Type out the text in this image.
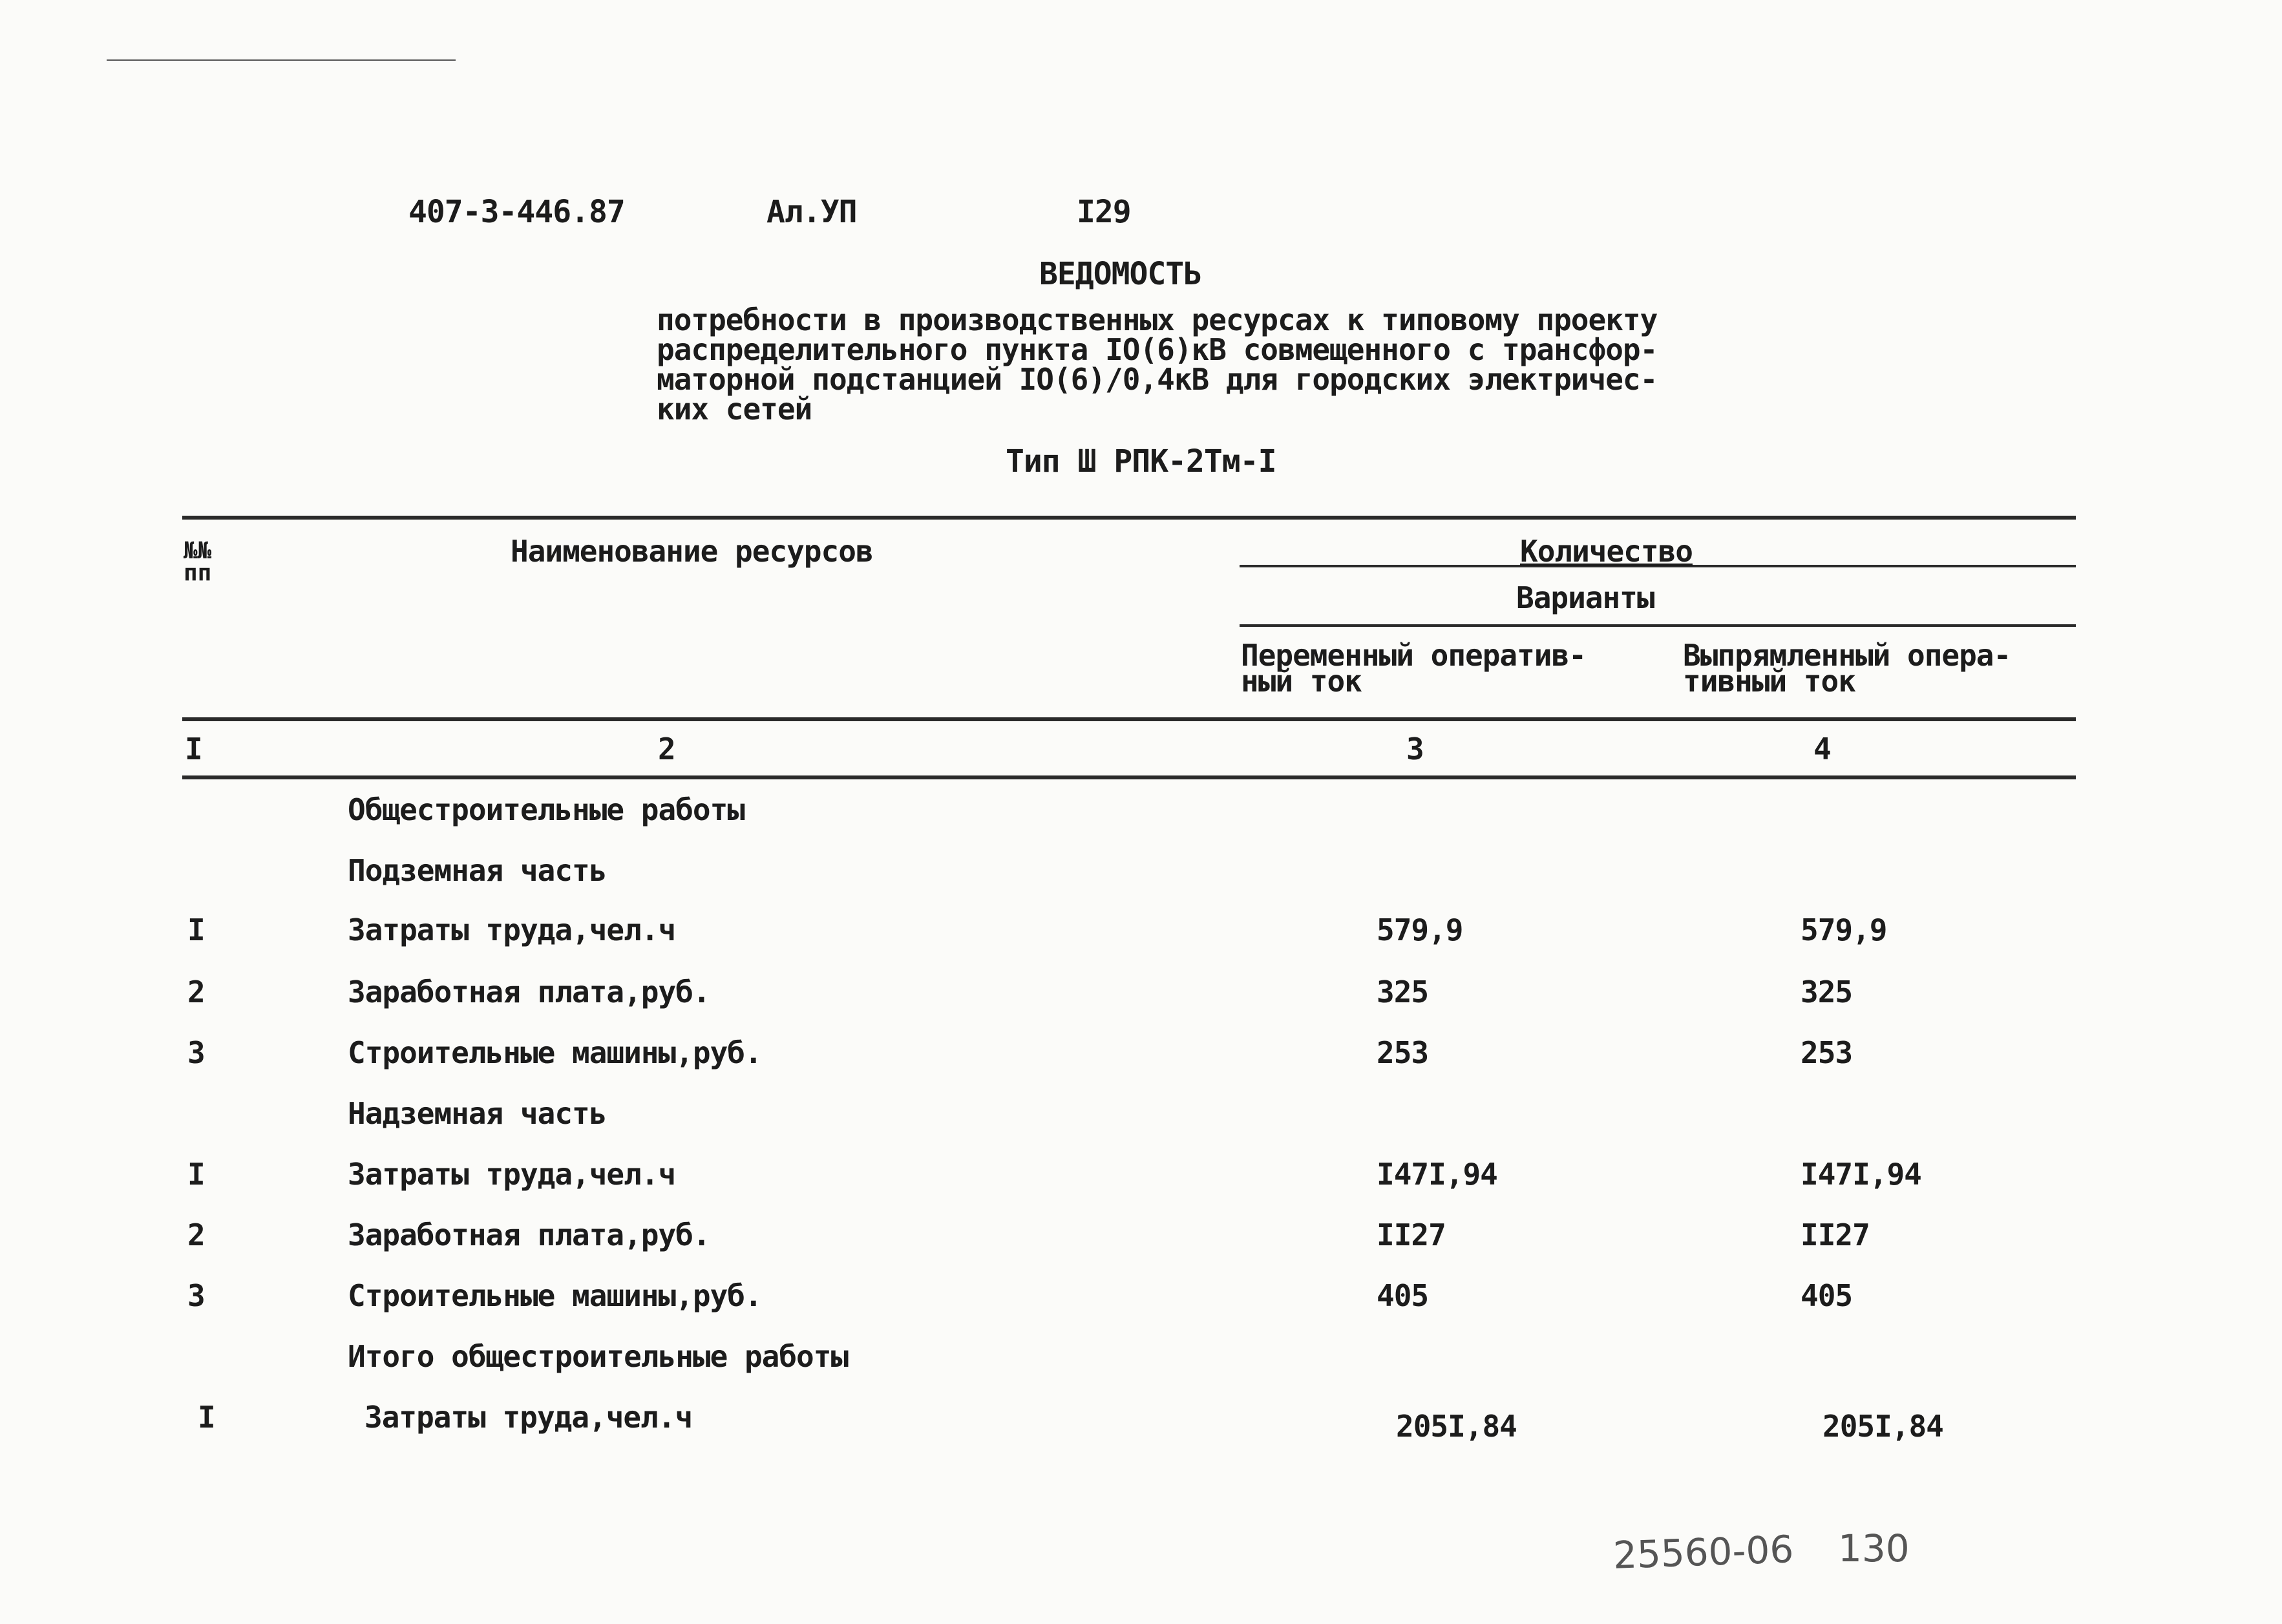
407-3-446.87	Ал.УП	I29
ВЕДОМОСТЬ
потребности в производственных ресурсах к типовому проекту
распределительного пункта IO(6)кВ совмещенного с трансфор-
маторной подстанцией IO(6)/0,4кВ для городских электричес-
ких сетей
Тип Ш РПК-2Тм-I
№№
пп
Наименование ресурсов	Количество
Варианты
Переменный оператив-
ный ток
Выпрямленный опера-
тивный ток
I	2	3	4
Общестроительные работы
Подземная часть
I	Затраты труда,чел.ч	579,9	579,9
2	Заработная плата,руб.	325	325
3	Строительные машины,руб.	253	253
Надземная часть
I	Затраты труда,чел.ч	I47I,94	I47I,94
2	Заработная плата,руб.	II27	II27
3	Строительные машины,руб.	405	405
Итого общестроительные работы
I	Затраты труда,чел.ч	205I,84	205I,84
25560-06 130
